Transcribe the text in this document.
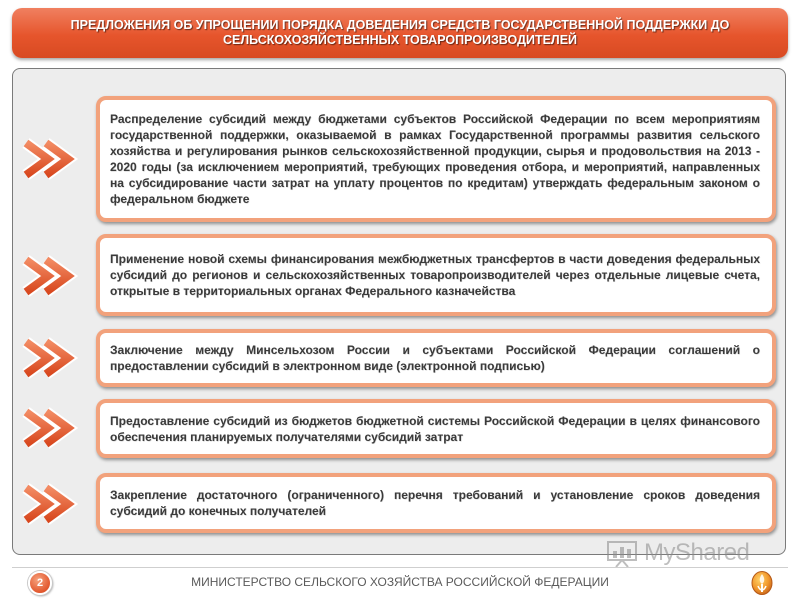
ПРЕДЛОЖЕНИЯ ОБ УПРОЩЕНИИ ПОРЯДКА ДОВЕДЕНИЯ СРЕДСТВ ГОСУДАРСТВЕННОЙ ПОДДЕРЖКИ ДО СЕЛЬСКОХОЗЯЙСТВЕННЫХ ТОВАРОПРОИЗВОДИТЕЛЕЙ
Распределение субсидий между бюджетами субъектов Российской Федерации по всем мероприятиям государственной поддержки, оказываемой в рамках Государственной программы развития сельского хозяйства и регулирования рынков сельскохозяйственной продукции, сырья и продовольствия на 2013 - 2020 годы (за исключением мероприятий, требующих проведения отбора, и мероприятий, направленных на субсидирование части затрат на уплату процентов по кредитам) утверждать федеральным законом о федеральном бюджете
Применение новой схемы финансирования межбюджетных трансфертов в части доведения федеральных субсидий до регионов и сельскохозяйственных товаропроизводителей через отдельные лицевые счета, открытые в территориальных органах Федерального казначейства
Заключение между Минсельхозом России и субъектами Российской Федерации соглашений о предоставлении субсидий в электронном виде (электронной подписью)
Предоставление субсидий из бюджетов бюджетной системы Российской Федерации в целях финансового обеспечения планируемых получателями субсидий затрат
Закрепление достаточного (ограниченного) перечня требований и установление сроков доведения субсидий до конечных получателей
MyShared
2	МИНИСТЕРСТВО СЕЛЬСКОГО ХОЗЯЙСТВА РОССИЙСКОЙ ФЕДЕРАЦИИ
